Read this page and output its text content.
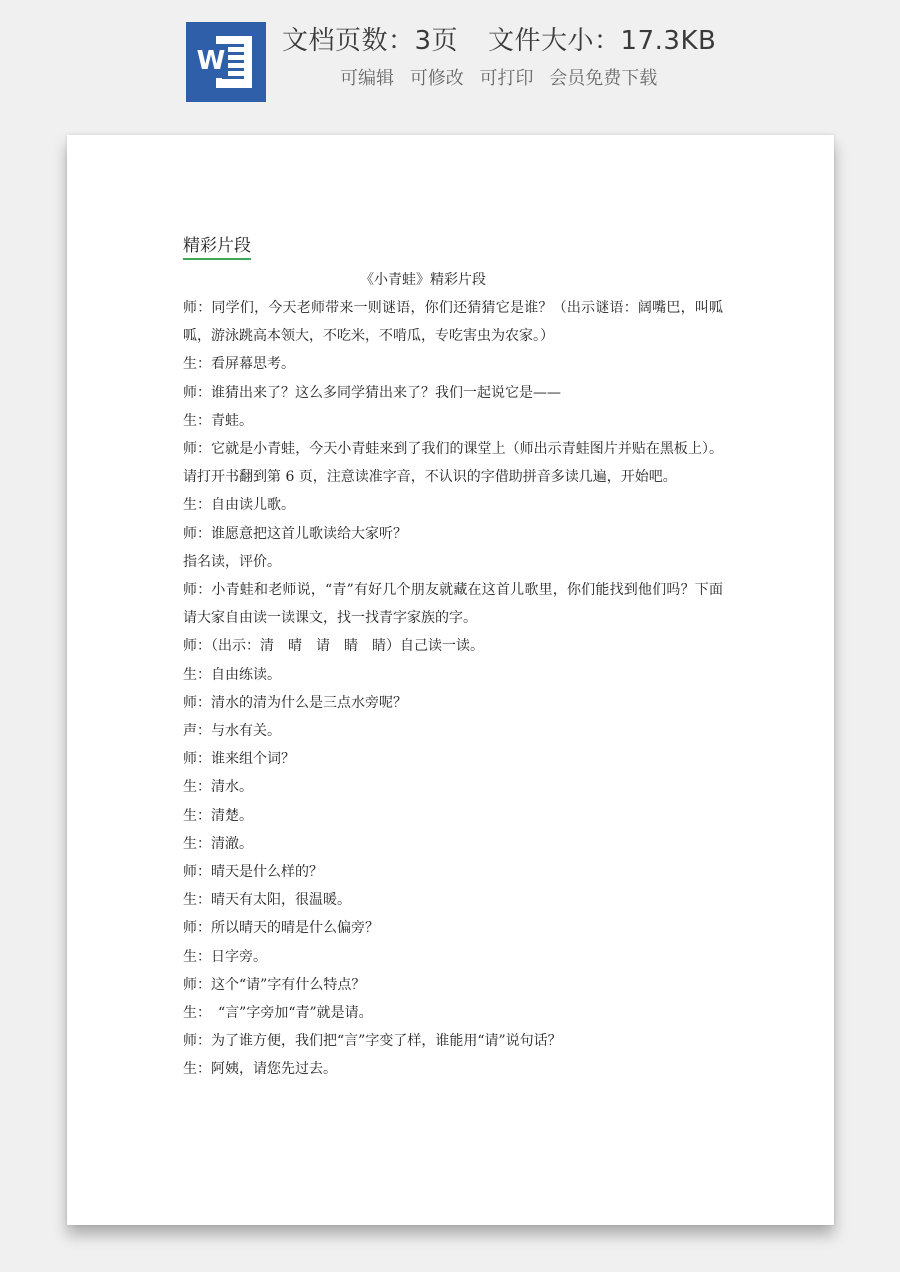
W
文档页数：3页 文件大小：17.3KB
可编辑 可修改 可打印 会员免费下载
精彩片段
《小青蛙》精彩片段

师：同学们，今天老师带来一则谜语，你们还猜猜它是谁？（出示谜语：阔嘴巴，叫呱呱，游泳跳高本领大，不吃米，不啃瓜，专吃害虫为农家。）

生：看屏幕思考。

师：谁猜出来了？这么多同学猜出来了？我们一起说它是——

生：青蛙。

师：它就是小青蛙，今天小青蛙来到了我们的课堂上（师出示青蛙图片并贴在黑板上）。请打开书翻到第 6 页，注意读准字音，不认识的字借助拼音多读几遍，开始吧。

生：自由读儿歌。

师：谁愿意把这首儿歌读给大家听？

指名读，评价。

师：小青蛙和老师说，“青”有好几个朋友就藏在这首儿歌里，你们能找到他们吗？下面请大家自由读一读课文，找一找青字家族的字。

师：（出示：清　晴　请　睛　睛）自己读一读。

生：自由练读。

师：清水的清为什么是三点水旁呢？

声：与水有关。

师：谁来组个词？

生：清水。

生：清楚。

生：清澈。

师：晴天是什么样的？

生：晴天有太阳，很温暖。

师：所以晴天的晴是什么偏旁？

生：日字旁。

师：这个“请”字有什么特点？

生：　“言”字旁加“青”就是请。

师：为了谁方便，我们把“言”字变了样，谁能用“请”说句话？

生：阿姨，请您先过去。
